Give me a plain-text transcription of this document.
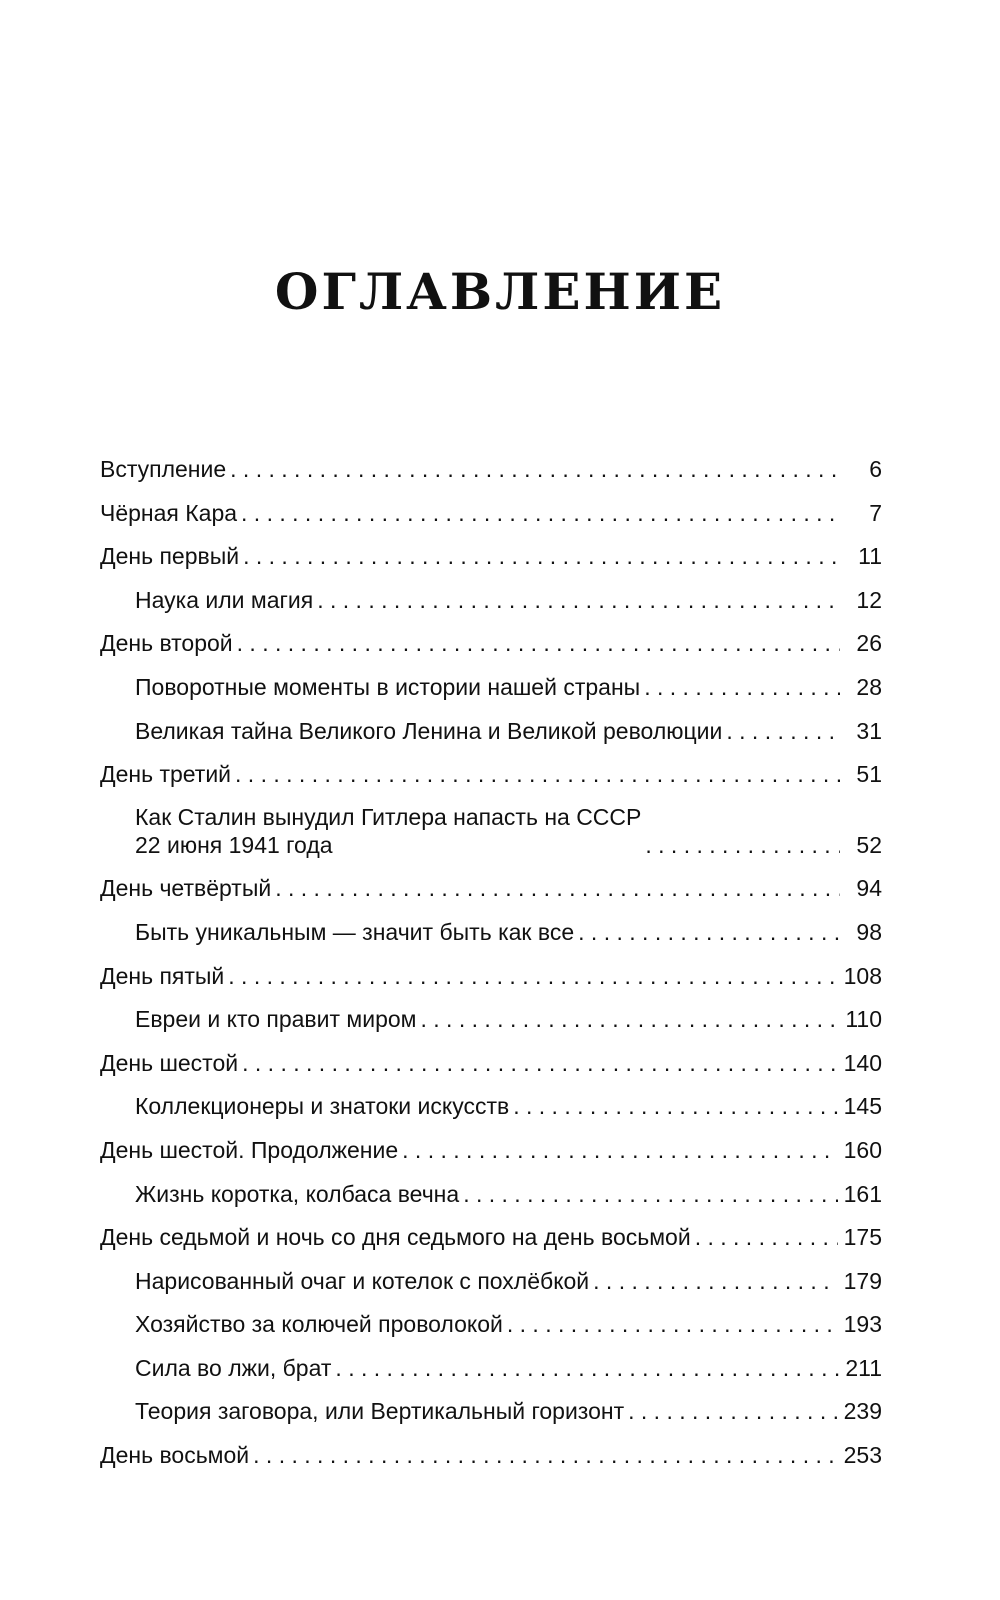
ОГЛАВЛЕНИЕ
Вступление . . .	6
Чёрная Кара . . .	7
День первый . . .	11
Наука или магия . . .	12
День второй . . .	26
Поворотные моменты в истории нашей страны . . .	28
Великая тайна Великого Ленина и Великой революции . . .	31
День третий . . .	51
Как Сталин вынудил Гитлера напасть на СССР
22 июня 1941 года . . .	52
День четвёртый . . .	94
Быть уникальным — значит быть как все . . .	98
День пятый . . .	108
Евреи и кто правит миром . . .	110
День шестой . . .	140
Коллекционеры и знатоки искусств . . .	145
День шестой. Продолжение . . .	160
Жизнь коротка, колбаса вечна . . .	161
День седьмой и ночь со дня седьмого на день восьмой . . .	175
Нарисованный очаг и котелок с похлёбкой . . .	179
Хозяйство за колючей проволокой . . .	193
Сила во лжи, брат . . .	211
Теория заговора, или Вертикальный горизонт . . .	239
День восьмой . . .	253
